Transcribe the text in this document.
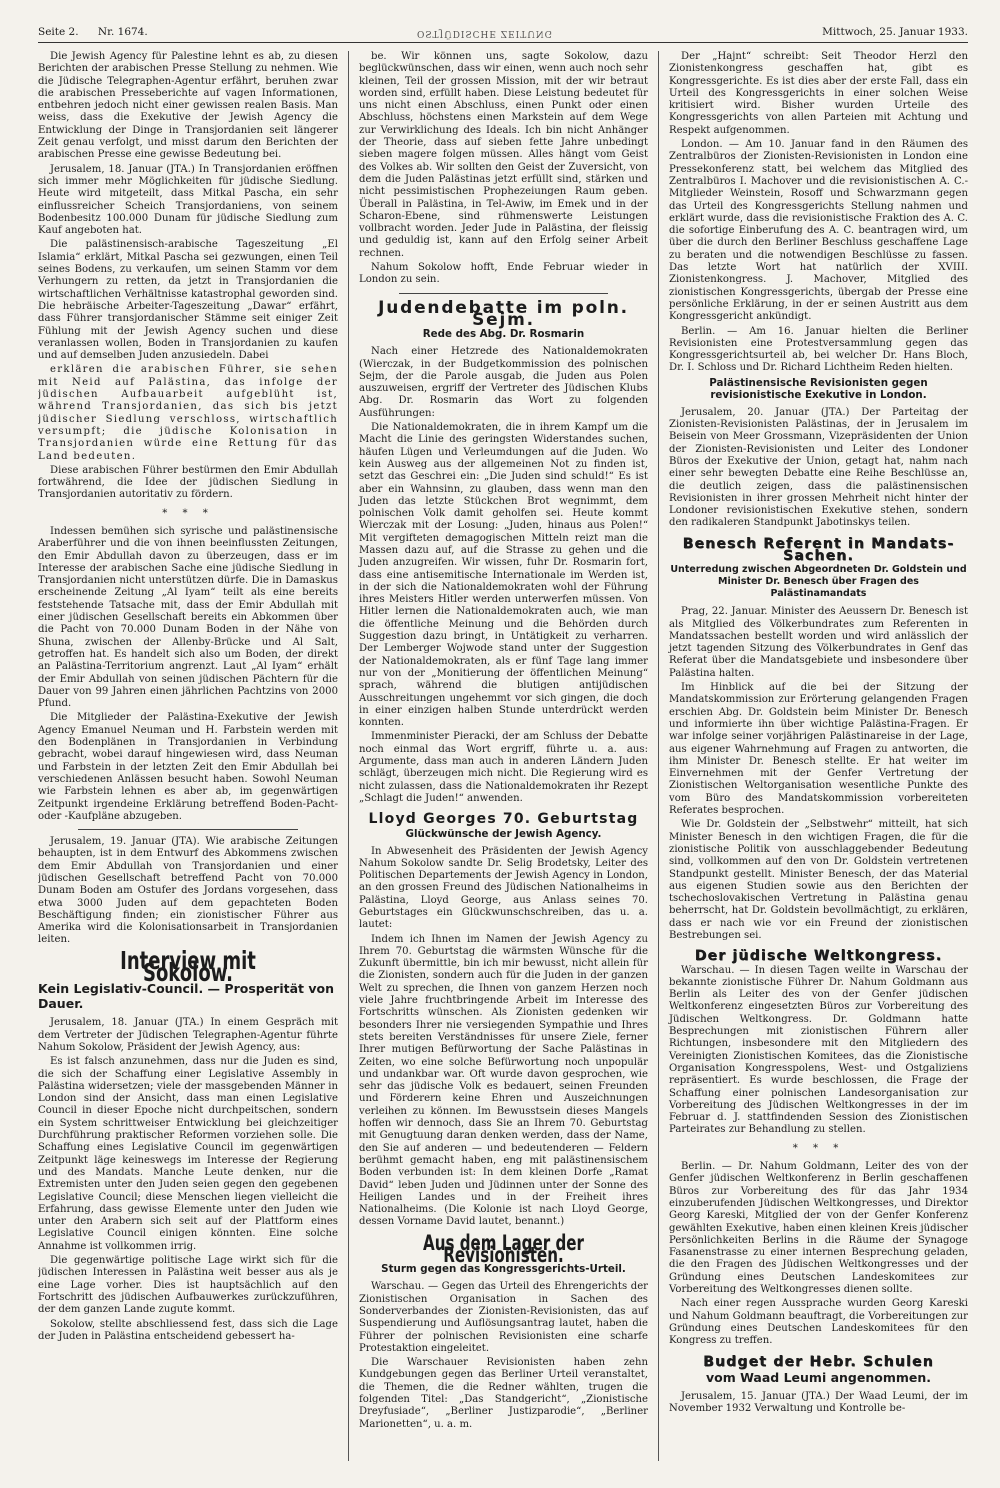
Seite 2. Nr. 1674.	OSTJÜDISCHE ZEITUNG	Mittwoch, 25. Januar 1933.

Die Jewish Agency für Palestine lehnt es ab, zu diesen Berichten der arabischen Presse Stellung zu nehmen. Wie die Jüdische Telegraphen-Agentur erfährt, beruhen zwar die arabischen Presseberichte auf vagen Informationen, entbehren jedoch nicht einer gewissen realen Basis. Man weiss, dass die Exekutive der Jewish Agency die Entwicklung der Dinge in Transjordanien seit längerer Zeit genau verfolgt, und misst darum den Berichten der arabischen Presse eine gewisse Bedeutung bei.

Jerusalem, 18. Januar (JTA.) In Transjordanien eröffnen sich immer mehr Möglichkeiten für jüdische Siedlung. Heute wird mitgeteilt, dass Mitkal Pascha, ein sehr einflussreicher Scheich Transjordaniens, von seinem Bodenbesitz 100.000 Dunam für jüdische Siedlung zum Kauf angeboten hat.

Die palästinensisch-arabische Tageszeitung „El Islamia“ erklärt, Mitkal Pascha sei gezwungen, einen Teil seines Bodens, zu verkaufen, um seinen Stamm vor dem Verhungern zu retten, da jetzt in Transjordanien die wirtschaftlichen Verhältnisse katastrophal geworden sind. Die hebräische Arbeiter-Tageszeitung „Dawar“ erfährt, dass Führer transjordanischer Stämme seit einiger Zeit Fühlung mit der Jewish Agency suchen und diese veranlassen wollen, Boden in Transjordanien zu kaufen und auf demselben Juden anzusiedeln. Dabei

erklären die arabischen Führer, sie sehen mit Neid auf Palästina, das infolge der jüdischen Aufbauarbeit aufgeblüht ist, während Transjordanien, das sich bis jetzt jüdischer Siedlung verschloss, wirtschaftlich versumpft; die jüdische Kolonisation in Transjordanien würde eine Rettung für das Land bedeuten.

Diese arabischen Führer bestürmen den Emir Abdullah fortwährend, die Idee der jüdischen Siedlung in Transjordanien autoritativ zu fördern.

* * *

Indessen bemühen sich syrische und palästinensische Araberführer und die von ihnen beeinflussten Zeitungen, den Emir Abdullah davon zu überzeugen, dass er im Interesse der arabischen Sache eine jüdische Siedlung in Transjordanien nicht unterstützen dürfe. Die in Damaskus erscheinende Zeitung „Al Iyam“ teilt als eine bereits feststehende Tatsache mit, dass der Emir Abdullah mit einer jüdischen Gesellschaft bereits ein Abkommen über die Pacht von 70.000 Dunam Boden in der Nähe von Shuna, zwischen der Allenby-Brücke und Al Salt, getroffen hat. Es handelt sich also um Boden, der direkt an Palästina-Territorium angrenzt. Laut „Al Iyam“ erhält der Emir Abdullah von seinen jüdischen Pächtern für die Dauer von 99 Jahren einen jährlichen Pachtzins von 2000 Pfund.

Die Mitglieder der Palästina-Exekutive der Jewish Agency Emanuel Neuman und H. Farbstein werden mit den Bodenplänen in Transjordanien in Verbindung gebracht, wobei darauf hingewiesen wird, dass Neuman und Farbstein in der letzten Zeit den Emir Abdullah bei verschiedenen Anlässen besucht haben. Sowohl Neuman wie Farbstein lehnen es aber ab, im gegenwärtigen Zeitpunkt irgendeine Erklärung betreffend Boden-Pacht- oder -Kaufpläne abzugeben.

Jerusalem, 19. Januar (JTA). Wie arabische Zeitungen behaupten, ist in dem Entwurf des Abkommens zwischen dem Emir Abdullah von Transjordanien und einer jüdischen Gesellschaft betreffend Pacht von 70.000 Dunam Boden am Ostufer des Jordans vorgesehen, dass etwa 3000 Juden auf dem gepachteten Boden Beschäftigung finden; ein zionistischer Führer aus Amerika wird die Kolonisationsarbeit in Transjordanien leiten.

Interview mit Sokolow.
Kein Legislativ-Council. — Prosperität von Dauer.

Jerusalem, 18. Januar (JTA.) In einem Gespräch mit dem Vertreter der Jüdischen Telegraphen-Agentur führte Nahum Sokolow, Präsident der Jewish Agency, aus:

Es ist falsch anzunehmen, dass nur die Juden es sind, die sich der Schaffung einer Legislative Assembly in Palästina widersetzen; viele der massgebenden Männer in London sind der Ansicht, dass man einen Legislative Council in dieser Epoche nicht durchpeitschen, sondern ein System schrittweiser Entwicklung bei gleichzeitiger Durchführung praktischer Reformen vorziehen solle. Die Schaffung eines Legislative Council im gegenwärtigen Zeitpunkt läge keineswegs im Interesse der Regierung und des Mandats. Manche Leute denken, nur die Extremisten unter den Juden seien gegen den gegebenen Legislative Council; diese Menschen liegen vielleicht die Erfahrung, dass gewisse Elemente unter den Juden wie unter den Arabern sich seit auf der Plattform eines Legislative Council einigen könnten. Eine solche Annahme ist vollkommen irrig.

Die gegenwärtige politische Lage wirkt sich für die jüdischen Interessen in Palästina weit besser aus als je eine Lage vorher. Dies ist hauptsächlich auf den Fortschritt des jüdischen Aufbauwerkes zurückzuführen, der dem ganzen Lande zugute kommt.

Sokolow, stellte abschliessend fest, dass sich die Lage der Juden in Palästina entscheidend gebessert ha-

be. Wir können uns, sagte Sokolow, dazu beglückwünschen, dass wir einen, wenn auch noch sehr kleinen, Teil der grossen Mission, mit der wir betraut worden sind, erfüllt haben. Diese Leistung bedeutet für uns nicht einen Abschluss, einen Punkt oder einen Abschluss, höchstens einen Markstein auf dem Wege zur Verwirklichung des Ideals. Ich bin nicht Anhänger der Theorie, dass auf sieben fette Jahre unbedingt sieben magere folgen müssen. Alles hängt vom Geist des Volkes ab. Wir sollten den Geist der Zuversicht, von dem die Juden Palästinas jetzt erfüllt sind, stärken und nicht pessimistischen Prophezeiungen Raum geben. Überall in Palästina, in Tel-Awiw, im Emek und in der Scharon-Ebene, sind rühmenswerte Leistungen vollbracht worden. Jeder Jude in Palästina, der fleissig und geduldig ist, kann auf den Erfolg seiner Arbeit rechnen.

Nahum Sokolow hofft, Ende Februar wieder in London zu sein.

Judendebatte im poln. Sejm.
Rede des Abg. Dr. Rosmarin

Nach einer Hetzrede des Nationaldemokraten (Wierczak, in der Budgetkommission des polnischen Sejm, der die Parole ausgab, die Juden aus Polen auszuweisen, ergriff der Vertreter des Jüdischen Klubs Abg. Dr. Rosmarin das Wort zu folgenden Ausführungen:

Die Nationaldemokraten, die in ihrem Kampf um die Macht die Linie des geringsten Widerstandes suchen, häufen Lügen und Verleumdungen auf die Juden. Wo kein Ausweg aus der allgemeinen Not zu finden ist, setzt das Geschrei ein: „Die Juden sind schuld!“ Es ist aber ein Wahnsinn, zu glauben, dass wenn man den Juden das letzte Stückchen Brot wegnimmt, dem polnischen Volk damit geholfen sei. Heute kommt Wierczak mit der Losung: „Juden, hinaus aus Polen!“ Mit vergifteten demagogischen Mitteln reizt man die Massen dazu auf, auf die Strasse zu gehen und die Juden anzugreifen. Wir wissen, fuhr Dr. Rosmarin fort, dass eine antisemitische Internationale im Werden ist, in der sich die Nationaldemokraten wohl der Führung ihres Meisters Hitler werden unterwerfen müssen. Von Hitler lernen die Nationaldemokraten auch, wie man die öffentliche Meinung und die Behörden durch Suggestion dazu bringt, in Untätigkeit zu verharren. Der Lemberger Wojwode stand unter der Suggestion der Nationaldemokraten, als er fünf Tage lang immer nur von der „Monitierung der öffentlichen Meinung“ sprach, während die blutigen antijüdischen Ausschreitungen ungehemmt vor sich gingen, die doch in einer einzigen halben Stunde unterdrückt werden konnten.

Immenminister Pieracki, der am Schluss der Debatte noch einmal das Wort ergriff, führte u. a. aus: Argumente, dass man auch in anderen Ländern Juden schlägt, überzeugen mich nicht. Die Regierung wird es nicht zulassen, dass die Nationaldemokraten ihr Rezept „Schlagt die Juden!“ anwenden.

Lloyd Georges 70. Geburtstag
Glückwünsche der Jewish Agency.

In Abwesenheit des Präsidenten der Jewish Agency Nahum Sokolow sandte Dr. Selig Brodetsky, Leiter des Politischen Departements der Jewish Agency in London, an den grossen Freund des Jüdischen Nationalheims in Palästina, Lloyd George, aus Anlass seines 70. Geburtstages ein Glückwunschschreiben, das u. a. lautet:

Indem ich Ihnen im Namen der Jewish Agency zu Ihrem 70. Geburtstag die wärmsten Wünsche für die Zukunft übermittle, bin ich mir bewusst, nicht allein für die Zionisten, sondern auch für die Juden in der ganzen Welt zu sprechen, die Ihnen von ganzem Herzen noch viele Jahre fruchtbringende Arbeit im Interesse des Fortschritts wünschen. Als Zionisten gedenken wir besonders Ihrer nie versiegenden Sympathie und Ihres stets bereiten Verständnisses für unsere Ziele, ferner Ihrer mutigen Befürwortung der Sache Palästinas in Zeiten, wo eine solche Befürwortung noch unpopulär und undankbar war. Oft wurde davon gesprochen, wie sehr das jüdische Volk es bedauert, seinen Freunden und Förderern keine Ehren und Auszeichnungen verleihen zu können. Im Bewusstsein dieses Mangels hoffen wir dennoch, dass Sie an Ihrem 70. Geburtstag mit Genugtuung daran denken werden, dass der Name, den Sie auf anderen — und bedeutenderen — Feldern berühmt gemacht haben, eng mit palästinensischem Boden verbunden ist: In dem kleinen Dorfe „Ramat David“ leben Juden und Jüdinnen unter der Sonne des Heiligen Landes und in der Freiheit ihres Nationalheims. (Die Kolonie ist nach Lloyd George, dessen Vorname David lautet, benannt.)

Aus dem Lager der Revisionisten.
Sturm gegen das Kongressgerichts-Urteil.

Warschau. — Gegen das Urteil des Ehrengerichts der Zionistischen Organisation in Sachen des Sonderverbandes der Zionisten-Revisionisten, das auf Suspendierung und Auflösungsantrag lautet, haben die Führer der polnischen Revisionisten eine scharfe Protestaktion eingeleitet.

Die Warschauer Revisionisten haben zehn Kundgebungen gegen das Berliner Urteil veranstaltet, die Themen, die die Redner wählten, trugen die folgenden Titel: „Das Standgericht“, „Zionistische Dreyfusiade“, „Berliner Justizparodie“, „Berliner Marionetten“, u. a. m.

Der „Hajnt“ schreibt: Seit Theodor Herzl den Zionistenkongress geschaffen hat, gibt es Kongressgerichte. Es ist dies aber der erste Fall, dass ein Urteil des Kongressgerichts in einer solchen Weise kritisiert wird. Bisher wurden Urteile des Kongressgerichts von allen Parteien mit Achtung und Respekt aufgenommen.

London. — Am 10. Januar fand in den Räumen des Zentralbüros der Zionisten-Revisionisten in London eine Pressekonferenz statt, bei welchem das Mitglied des Zentralbüros I. Machover und die revisionistischen A. C.-Mitglieder Weinstein, Rosoff und Schwarzmann gegen das Urteil des Kongressgerichts Stellung nahmen und erklärt wurde, dass die revisionistische Fraktion des A. C. die sofortige Einberufung des A. C. beantragen wird, um über die durch den Berliner Beschluss geschaffene Lage zu beraten und die notwendigen Beschlüsse zu fassen. Das letzte Wort hat natürlich der XVIII. Zionistenkongress. J. Machover, Mitglied des zionistischen Kongressgerichts, übergab der Presse eine persönliche Erklärung, in der er seinen Austritt aus dem Kongressgericht ankündigt.

Berlin. — Am 16. Januar hielten die Berliner Revisionisten eine Protestversammlung gegen das Kongressgerichtsurteil ab, bei welcher Dr. Hans Bloch, Dr. I. Schloss und Dr. Richard Lichtheim Reden hielten.

Palästinensische Revisionisten gegen revisionistische Exekutive in London.

Jerusalem, 20. Januar (JTA.) Der Parteitag der Zionisten-Revisionisten Palästinas, der in Jerusalem im Beisein von Meer Grossmann, Vizepräsidenten der Union der Zionisten-Revisionisten und Leiter des Londoner Büros der Exekutive der Union, getagt hat, nahm nach einer sehr bewegten Debatte eine Reihe Beschlüsse an, die deutlich zeigen, dass die palästinensischen Revisionisten in ihrer grossen Mehrheit nicht hinter der Londoner revisionistischen Exekutive stehen, sondern den radikaleren Standpunkt Jabotinskys teilen.

Benesch Referent in Mandats-Sachen.
Unterredung zwischen Abgeordneten Dr. Goldstein und Minister Dr. Benesch über Fragen des Palästinamandats

Prag, 22. Januar. Minister des Aeussern Dr. Benesch ist als Mitglied des Völkerbundrates zum Referenten in Mandatssachen bestellt worden und wird anlässlich der jetzt tagenden Sitzung des Völkerbundrates in Genf das Referat über die Mandatsgebiete und insbesondere über Palästina halten.

Im Hinblick auf die bei der Sitzung der Mandatskommission zur Erörterung gelangenden Fragen erschien Abg. Dr. Goldstein beim Minister Dr. Benesch und informierte ihn über wichtige Palästina-Fragen. Er war infolge seiner vorjährigen Palästinareise in der Lage, aus eigener Wahrnehmung auf Fragen zu antworten, die ihm Minister Dr. Benesch stellte. Er hat weiter im Einvernehmen mit der Genfer Vertretung der Zionistischen Weltorganisation wesentliche Punkte des vom Büro des Mandatskommission vorbereiteten Referates besprochen.

Wie Dr. Goldstein der „Selbstwehr“ mitteilt, hat sich Minister Benesch in den wichtigen Fragen, die für die zionistische Politik von ausschlaggebender Bedeutung sind, vollkommen auf den von Dr. Goldstein vertretenen Standpunkt gestellt. Minister Benesch, der das Material aus eigenen Studien sowie aus den Berichten der tschechoslovakischen Vertretung in Palästina genau beherrscht, hat Dr. Goldstein bevollmächtigt, zu erklären, dass er nach wie vor ein Freund der zionistischen Bestrebungen sei.

Der jüdische Weltkongress.

Warschau. — In diesen Tagen weilte in Warschau der bekannte zionistische Führer Dr. Nahum Goldmann aus Berlin als Leiter des von der Genfer jüdischen Weltkonferenz eingesetzten Büros zur Vorbereitung des Jüdischen Weltkongress. Dr. Goldmann hatte Besprechungen mit zionistischen Führern aller Richtungen, insbesondere mit den Mitgliedern des Vereinigten Zionistischen Komitees, das die Zionistische Organisation Kongresspolens, West- und Ostgaliziens repräsentiert. Es wurde beschlossen, die Frage der Schaffung einer polnischen Landesorganisation zur Vorbereitung des Jüdischen Weltkongresses in der im Februar d. J. stattfindenden Session des Zionistischen Parteirates zur Behandlung zu stellen.

* * *

Berlin. — Dr. Nahum Goldmann, Leiter des von der Genfer jüdischen Weltkonferenz in Berlin geschaffenen Büros zur Vorbereitung des für das Jahr 1934 einzuberufenden Jüdischen Weltkongresses, und Direktor Georg Kareski, Mitglied der von der Genfer Konferenz gewählten Exekutive, haben einen kleinen Kreis jüdischer Persönlichkeiten Berlins in die Räume der Synagoge Fasanenstrasse zu einer internen Besprechung geladen, die den Fragen des Jüdischen Weltkongresses und der Gründung eines Deutschen Landeskomitees zur Vorbereitung des Weltkongresses dienen sollte.

Nach einer regen Aussprache wurden Georg Kareski und Nahum Goldmann beauftragt, die Vorbereitungen zur Gründung eines Deutschen Landeskomitees für den Kongress zu treffen.

Budget der Hebr. Schulen
vom Waad Leumi angenommen.

Jerusalem, 15. Januar (JTA.) Der Waad Leumi, der im November 1932 Verwaltung und Kontrolle be-
